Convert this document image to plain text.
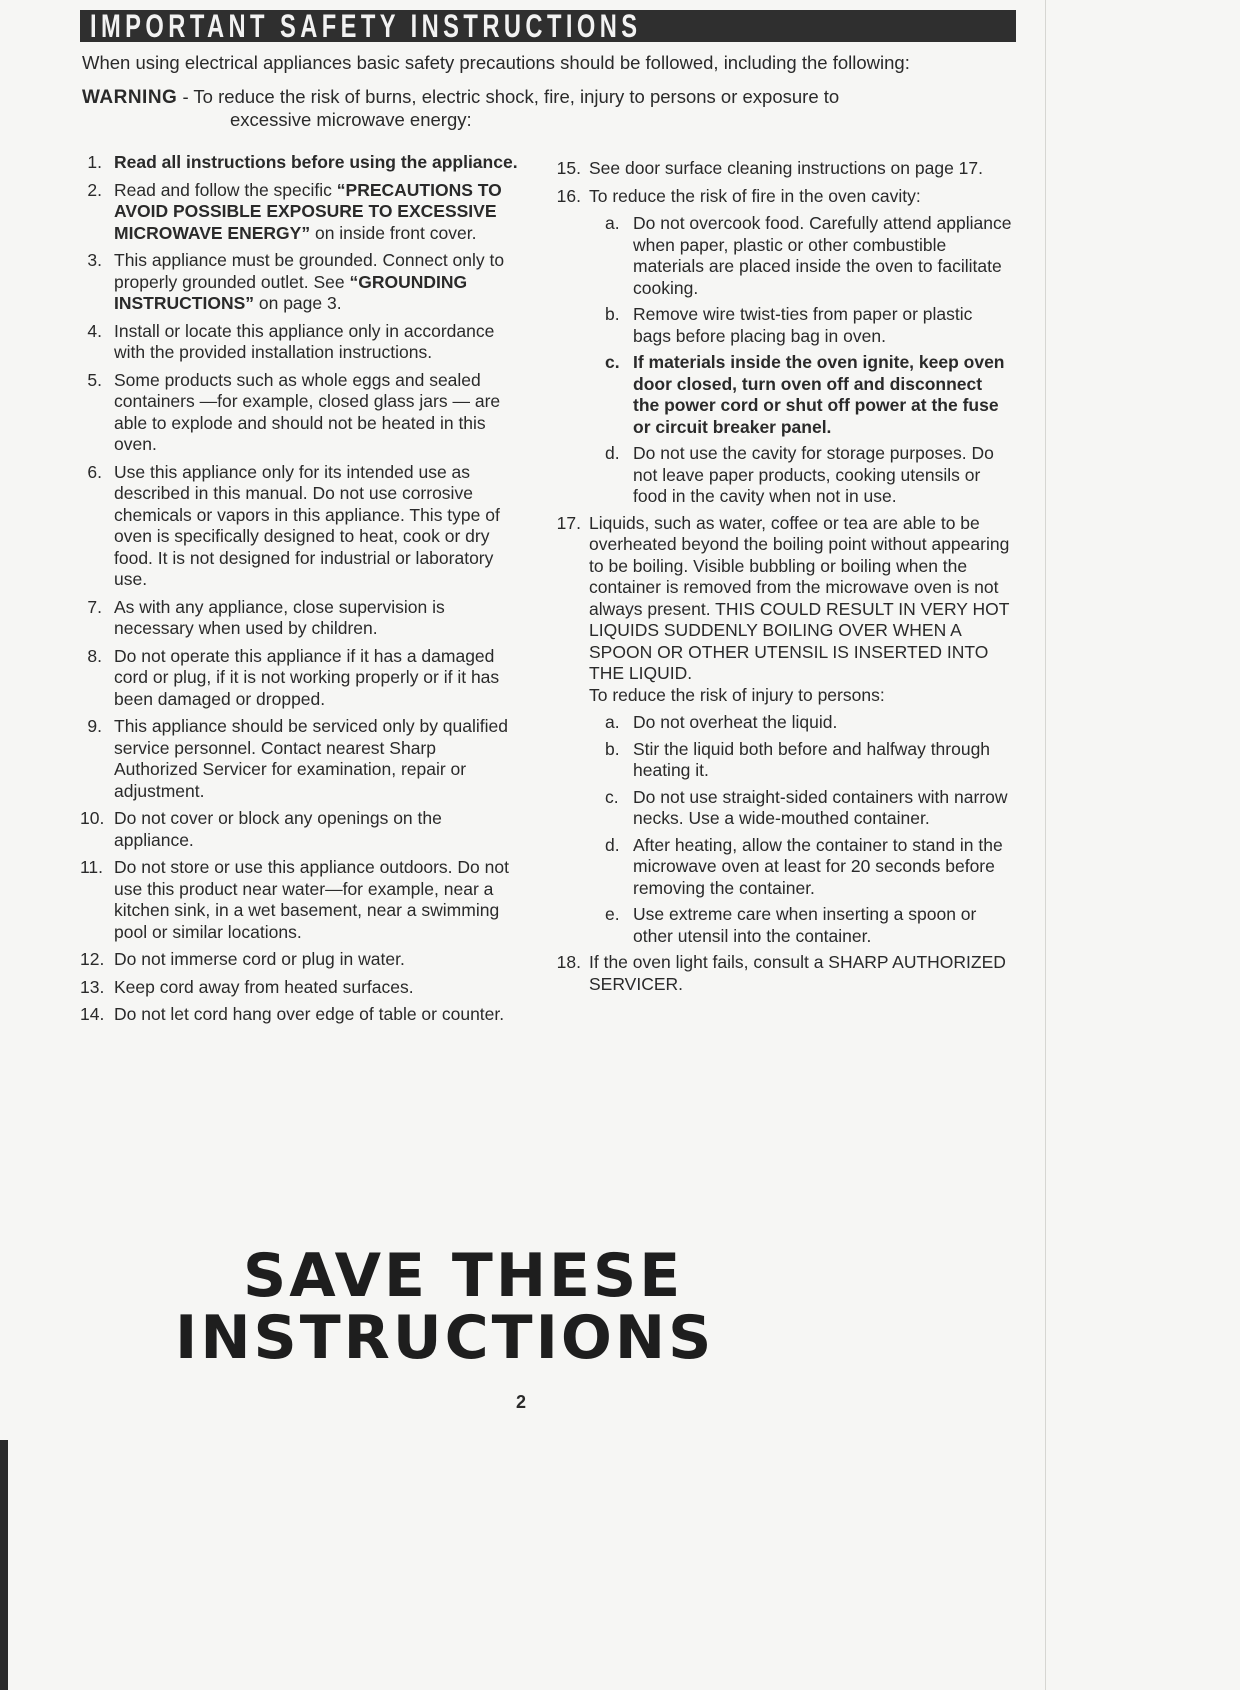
IMPORTANT SAFETY INSTRUCTIONS
When using electrical appliances basic safety precautions should be followed, including the following:
WARNING - To reduce the risk of burns, electric shock, fire, injury to persons or exposure to
excessive microwave energy:
1. Read all instructions before using the appliance.
2. Read and follow the specific “PRECAUTIONS TO AVOID POSSIBLE EXPOSURE TO EXCESSIVE MICROWAVE ENERGY” on inside front cover.
3. This appliance must be grounded. Connect only to properly grounded outlet. See “GROUNDING INSTRUCTIONS” on page 3.
4. Install or locate this appliance only in accordance with the provided installation instructions.
5. Some products such as whole eggs and sealed containers —for example, closed glass jars — are able to explode and should not be heated in this oven.
6. Use this appliance only for its intended use as described in this manual. Do not use corrosive chemicals or vapors in this appliance. This type of oven is specifically designed to heat, cook or dry food. It is not designed for industrial or laboratory use.
7. As with any appliance, close supervision is necessary when used by children.
8. Do not operate this appliance if it has a damaged cord or plug, if it is not working properly or if it has been damaged or dropped.
9. This appliance should be serviced only by qualified service personnel. Contact nearest Sharp Authorized Servicer for examination, repair or adjustment.
10. Do not cover or block any openings on the appliance.
11. Do not store or use this appliance outdoors. Do not use this product near water—for example, near a kitchen sink, in a wet basement, near a swimming pool or similar locations.
12. Do not immerse cord or plug in water.
13. Keep cord away from heated surfaces.
14. Do not let cord hang over edge of table or counter.
15. See door surface cleaning instructions on page 17.
16. To reduce the risk of fire in the oven cavity:
a. Do not overcook food. Carefully attend appliance when paper, plastic or other combustible materials are placed inside the oven to facilitate cooking.
b. Remove wire twist-ties from paper or plastic bags before placing bag in oven.
c. If materials inside the oven ignite, keep oven door closed, turn oven off and disconnect the power cord or shut off power at the fuse or circuit breaker panel.
d. Do not use the cavity for storage purposes. Do not leave paper products, cooking utensils or food in the cavity when not in use.
17. Liquids, such as water, coffee or tea are able to be overheated beyond the boiling point without appearing to be boiling. Visible bubbling or boiling when the container is removed from the microwave oven is not always present. THIS COULD RESULT IN VERY HOT LIQUIDS SUDDENLY BOILING OVER WHEN A SPOON OR OTHER UTENSIL IS INSERTED INTO THE LIQUID.
To reduce the risk of injury to persons:
a. Do not overheat the liquid.
b. Stir the liquid both before and halfway through heating it.
c. Do not use straight-sided containers with narrow necks. Use a wide-mouthed container.
d. After heating, allow the container to stand in the microwave oven at least for 20 seconds before removing the container.
e. Use extreme care when inserting a spoon or other utensil into the container.
18. If the oven light fails, consult a SHARP AUTHORIZED SERVICER.
SAVE THESE
INSTRUCTIONS
2
